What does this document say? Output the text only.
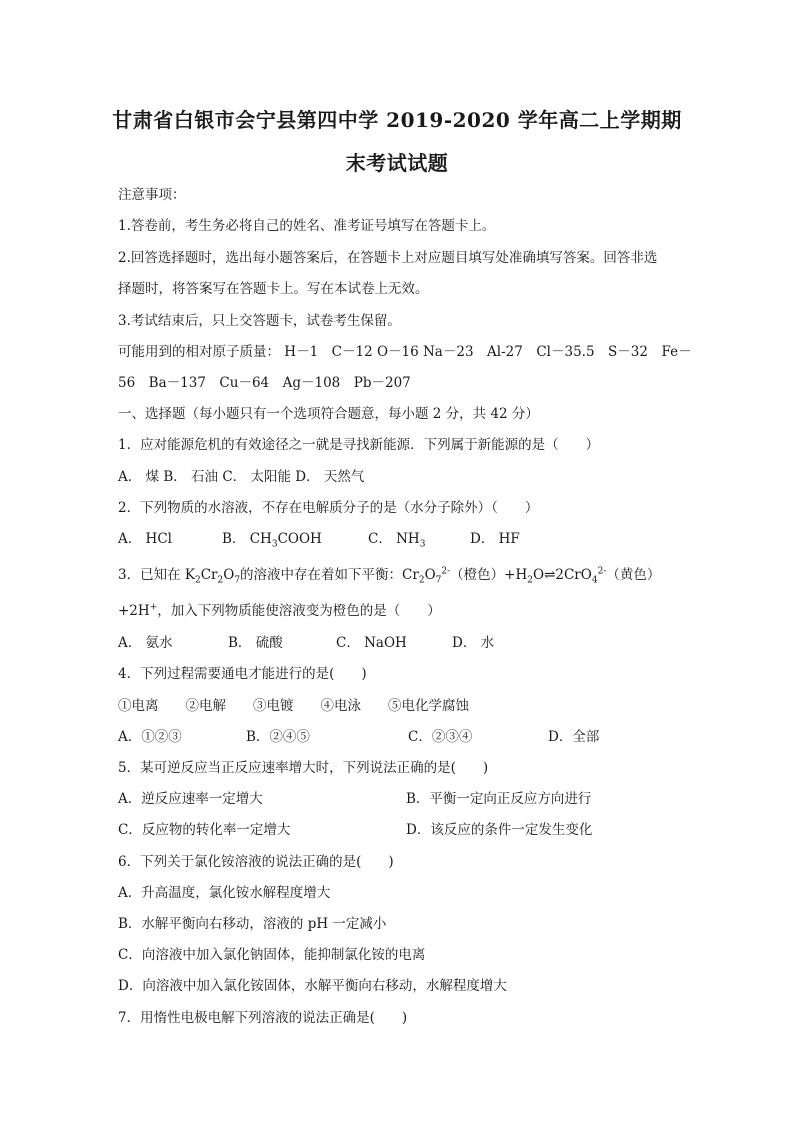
甘肃省白银市会宁县第四中学 2019-2020 学年高二上学期期
末考试试题
注意事项：
1.答卷前，考生务必将自己的姓名、准考证号填写在答题卡上。
2.回答选择题时，选出每小题答案后，在答题卡上对应题目填写处准确填写答案。回答非选
择题时，将答案写在答题卡上。写在本试卷上无效。
3.考试结束后，只上交答题卡，试卷考生保留。
可能用到的相对原子质量： H－1　C－12 O－16 Na－23　Al-27　Cl－35.5　S－32　Fe－
56　Ba－137　Cu－64　Ag－108　Pb－207
一、选择题（每小题只有一个选项符合题意，每小题 2 分，共 42 分）
1．应对能源危机的有效途径之一就是寻找新能源．下列属于新能源的是（　　）
A． 煤 B． 石油 C． 太阳能 D． 天然气
2．下列物质的水溶液，不存在电解质分子的是（水分子除外）（　　）
A． HCl	B． $CH_3COOH$	C． $NH_3$	D． HF
3．已知在 $K_2Cr_2O_7$的溶液中存在着如下平衡：$Cr_2O_7^{2-}$（橙色）$+H_2O\rightleftharpoons 2CrO_4^{2-}$（黄色）
+2H+，加入下列物质能使溶液变为橙色的是（　　）
A． 氨水	B． 硫酸	C． NaOH	D． 水
4．下列过程需要通电才能进行的是(　　)
①电离　　②电解　　③电镀　　④电泳　　⑤电化学腐蚀
A．①②③	B．②④⑤	C．②③④	D．全部
5．某可逆反应当正反应速率增大时，下列说法正确的是(　　)
A．逆反应速率一定增大	B．平衡一定向正反应方向进行
C．反应物的转化率一定增大	D．该反应的条件一定发生变化
6．下列关于氯化铵溶液的说法正确的是(　　)
A．升高温度，氯化铵水解程度增大
B．水解平衡向右移动，溶液的 pH 一定减小
C．向溶液中加入氯化钠固体，能抑制氯化铵的电离
D．向溶液中加入氯化铵固体，水解平衡向右移动，水解程度增大
7．用惰性电极电解下列溶液的说法正确是(　　)
